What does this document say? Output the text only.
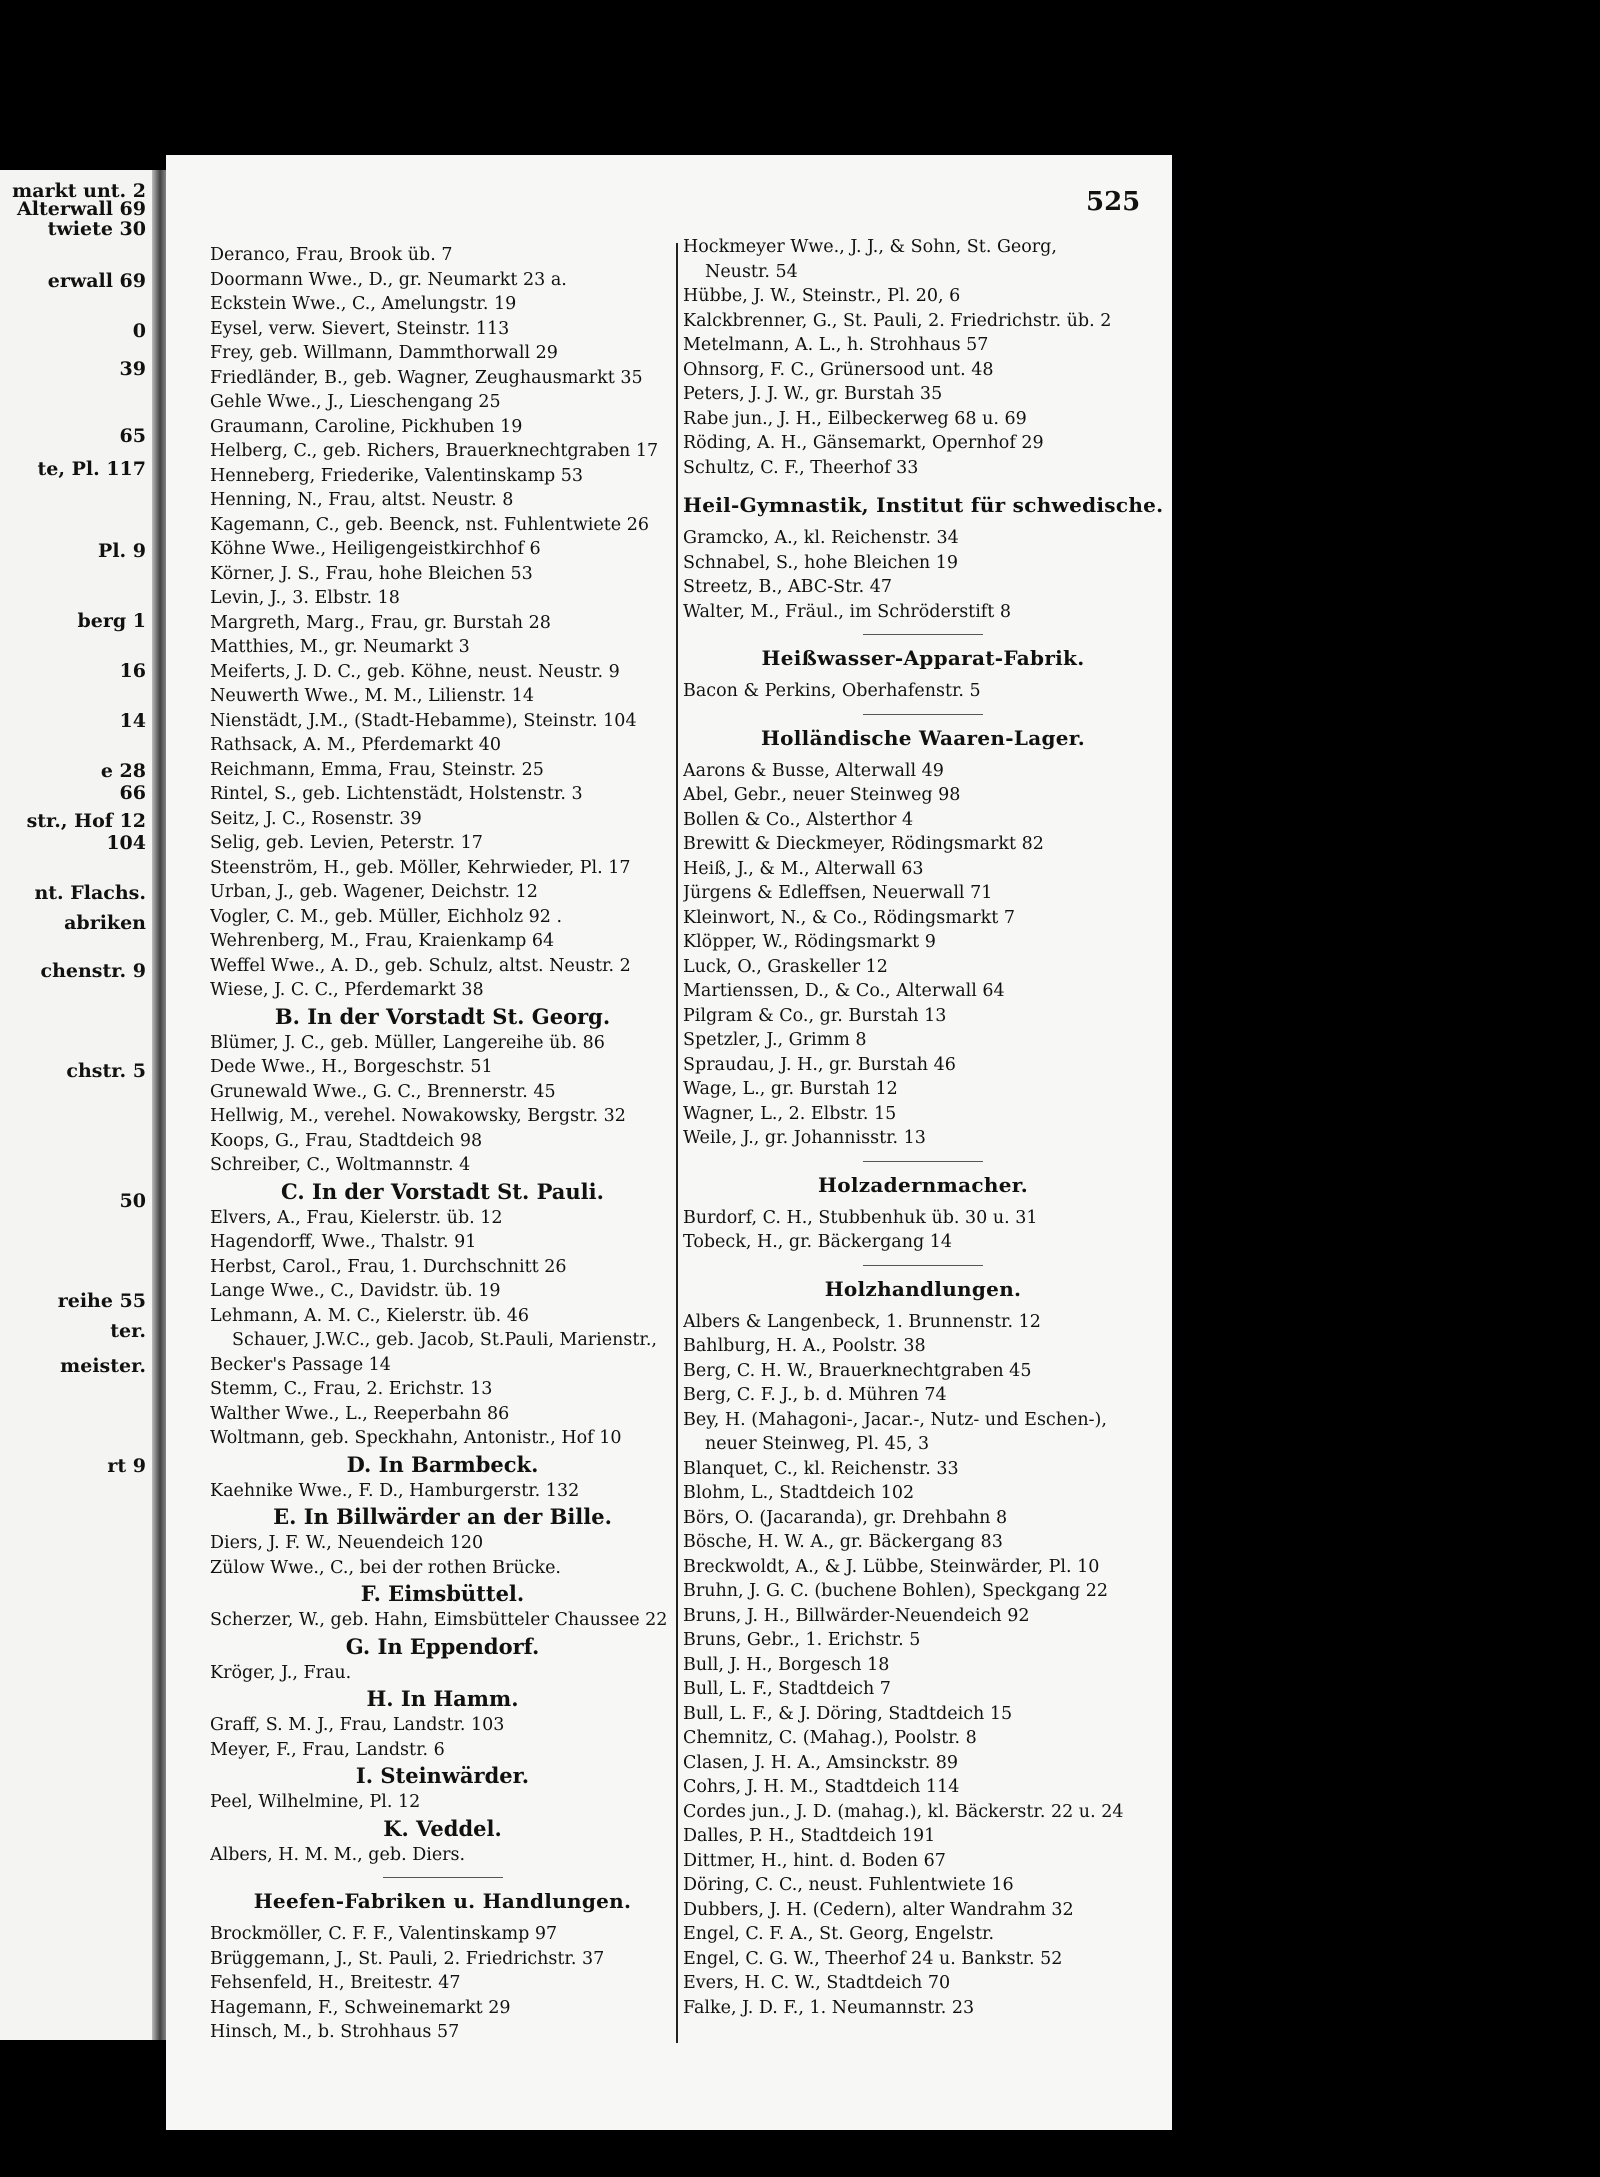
markt unt. 2
Alterwall 69
twiete 30
erwall 69
0
39
65
te, Pl. 117
Pl. 9
berg 1
16
14
e 28
66
str., Hof 12
104
nt. Flachs.
abriken
chenstr. 9
chstr. 5
50
reihe 55
ter.
meister.
rt 9
525
Deranco, Frau, Brook üb. 7
Doormann Wwe., D., gr. Neumarkt 23 a.
Eckstein Wwe., C., Amelungstr. 19
Eysel, verw. Sievert, Steinstr. 113
Frey, geb. Willmann, Dammthorwall 29
Friedländer, B., geb. Wagner, Zeughausmarkt 35
Gehle Wwe., J., Lieschengang 25
Graumann, Caroline, Pickhuben 19
Helberg, C., geb. Richers, Brauerknechtgraben 17
Henneberg, Friederike, Valentinskamp 53
Henning, N., Frau, altst. Neustr. 8
Kagemann, C., geb. Beenck, nst. Fuhlentwiete 26
Köhne Wwe., Heiligengeistkirchhof 6
Körner, J. S., Frau, hohe Bleichen 53
Levin, J., 3. Elbstr. 18
Margreth, Marg., Frau, gr. Burstah 28
Matthies, M., gr. Neumarkt 3
Meiferts, J. D. C., geb. Köhne, neust. Neustr. 9
Neuwerth Wwe., M. M., Lilienstr. 14
Nienstädt, J.M., (Stadt-Hebamme), Steinstr. 104
Rathsack, A. M., Pferdemarkt 40
Reichmann, Emma, Frau, Steinstr. 25
Rintel, S., geb. Lichtenstädt, Holstenstr. 3
Seitz, J. C., Rosenstr. 39
Selig, geb. Levien, Peterstr. 17
Steenström, H., geb. Möller, Kehrwieder, Pl. 17
Urban, J., geb. Wagener, Deichstr. 12
Vogler, C. M., geb. Müller, Eichholz 92 .
Wehrenberg, M., Frau, Kraienkamp 64
Weffel Wwe., A. D., geb. Schulz, altst. Neustr. 2
Wiese, J. C. C., Pferdemarkt 38
B. In der Vorstadt St. Georg.
Blümer, J. C., geb. Müller, Langereihe üb. 86
Dede Wwe., H., Borgeschstr. 51
Grunewald Wwe., G. C., Brennerstr. 45
Hellwig, M., verehel. Nowakowsky, Bergstr. 32
Koops, G., Frau, Stadtdeich 98
Schreiber, C., Woltmannstr. 4
C. In der Vorstadt St. Pauli.
Elvers, A., Frau, Kielerstr. üb. 12
Hagendorff, Wwe., Thalstr. 91
Herbst, Carol., Frau, 1. Durchschnitt 26
Lange Wwe., C., Davidstr. üb. 19
Lehmann, A. M. C., Kielerstr. üb. 46
Schauer, J.W.C., geb. Jacob, St.Pauli, Marienstr.,
Becker's Passage 14
Stemm, C., Frau, 2. Erichstr. 13
Walther Wwe., L., Reeperbahn 86
Woltmann, geb. Speckhahn, Antonistr., Hof 10
D. In Barmbeck.
Kaehnike Wwe., F. D., Hamburgerstr. 132
E. In Billwärder an der Bille.
Diers, J. F. W., Neuendeich 120
Zülow Wwe., C., bei der rothen Brücke.
F. Eimsbüttel.
Scherzer, W., geb. Hahn, Eimsbütteler Chaussee 22
G. In Eppendorf.
Kröger, J., Frau.
H. In Hamm.
Graff, S. M. J., Frau, Landstr. 103
Meyer, F., Frau, Landstr. 6
I. Steinwärder.
Peel, Wilhelmine, Pl. 12
K. Veddel.
Albers, H. M. M., geb. Diers.
Heefen-Fabriken u. Handlungen.
Brockmöller, C. F. F., Valentinskamp 97
Brüggemann, J., St. Pauli, 2. Friedrichstr. 37
Fehsenfeld, H., Breitestr. 47
Hagemann, F., Schweinemarkt 29
Hinsch, M., b. Strohhaus 57
Hockmeyer Wwe., J. J., & Sohn, St. Georg,
Neustr. 54
Hübbe, J. W., Steinstr., Pl. 20, 6
Kalckbrenner, G., St. Pauli, 2. Friedrichstr. üb. 2
Metelmann, A. L., h. Strohhaus 57
Ohnsorg, F. C., Grünersood unt. 48
Peters, J. J. W., gr. Burstah 35
Rabe jun., J. H., Eilbeckerweg 68 u. 69
Röding, A. H., Gänsemarkt, Opernhof 29
Schultz, C. F., Theerhof 33
Heil-Gymnastik, Institut für schwedische.
Gramcko, A., kl. Reichenstr. 34
Schnabel, S., hohe Bleichen 19
Streetz, B., ABC-Str. 47
Walter, M., Fräul., im Schröderstift 8
Heißwasser-Apparat-Fabrik.
Bacon & Perkins, Oberhafenstr. 5
Holländische Waaren-Lager.
Aarons & Busse, Alterwall 49
Abel, Gebr., neuer Steinweg 98
Bollen & Co., Alsterthor 4
Brewitt & Dieckmeyer, Rödingsmarkt 82
Heiß, J., & M., Alterwall 63
Jürgens & Edleffsen, Neuerwall 71
Kleinwort, N., & Co., Rödingsmarkt 7
Klöpper, W., Rödingsmarkt 9
Luck, O., Graskeller 12
Martienssen, D., & Co., Alterwall 64
Pilgram & Co., gr. Burstah 13
Spetzler, J., Grimm 8
Spraudau, J. H., gr. Burstah 46
Wage, L., gr. Burstah 12
Wagner, L., 2. Elbstr. 15
Weile, J., gr. Johannisstr. 13
Holzadernmacher.
Burdorf, C. H., Stubbenhuk üb. 30 u. 31
Tobeck, H., gr. Bäckergang 14
Holzhandlungen.
Albers & Langenbeck, 1. Brunnenstr. 12
Bahlburg, H. A., Poolstr. 38
Berg, C. H. W., Brauerknechtgraben 45
Berg, C. F. J., b. d. Mühren 74
Bey, H. (Mahagoni-, Jacar.-, Nutz- und Eschen-),
neuer Steinweg, Pl. 45, 3
Blanquet, C., kl. Reichenstr. 33
Blohm, L., Stadtdeich 102
Börs, O. (Jacaranda), gr. Drehbahn 8
Bösche, H. W. A., gr. Bäckergang 83
Breckwoldt, A., & J. Lübbe, Steinwärder, Pl. 10
Bruhn, J. G. C. (buchene Bohlen), Speckgang 22
Bruns, J. H., Billwärder-Neuendeich 92
Bruns, Gebr., 1. Erichstr. 5
Bull, J. H., Borgesch 18
Bull, L. F., Stadtdeich 7
Bull, L. F., & J. Döring, Stadtdeich 15
Chemnitz, C. (Mahag.), Poolstr. 8
Clasen, J. H. A., Amsinckstr. 89
Cohrs, J. H. M., Stadtdeich 114
Cordes jun., J. D. (mahag.), kl. Bäckerstr. 22 u. 24
Dalles, P. H., Stadtdeich 191
Dittmer, H., hint. d. Boden 67
Döring, C. C., neust. Fuhlentwiete 16
Dubbers, J. H. (Cedern), alter Wandrahm 32
Engel, C. F. A., St. Georg, Engelstr.
Engel, C. G. W., Theerhof 24 u. Bankstr. 52
Evers, H. C. W., Stadtdeich 70
Falke, J. D. F., 1. Neumannstr. 23
